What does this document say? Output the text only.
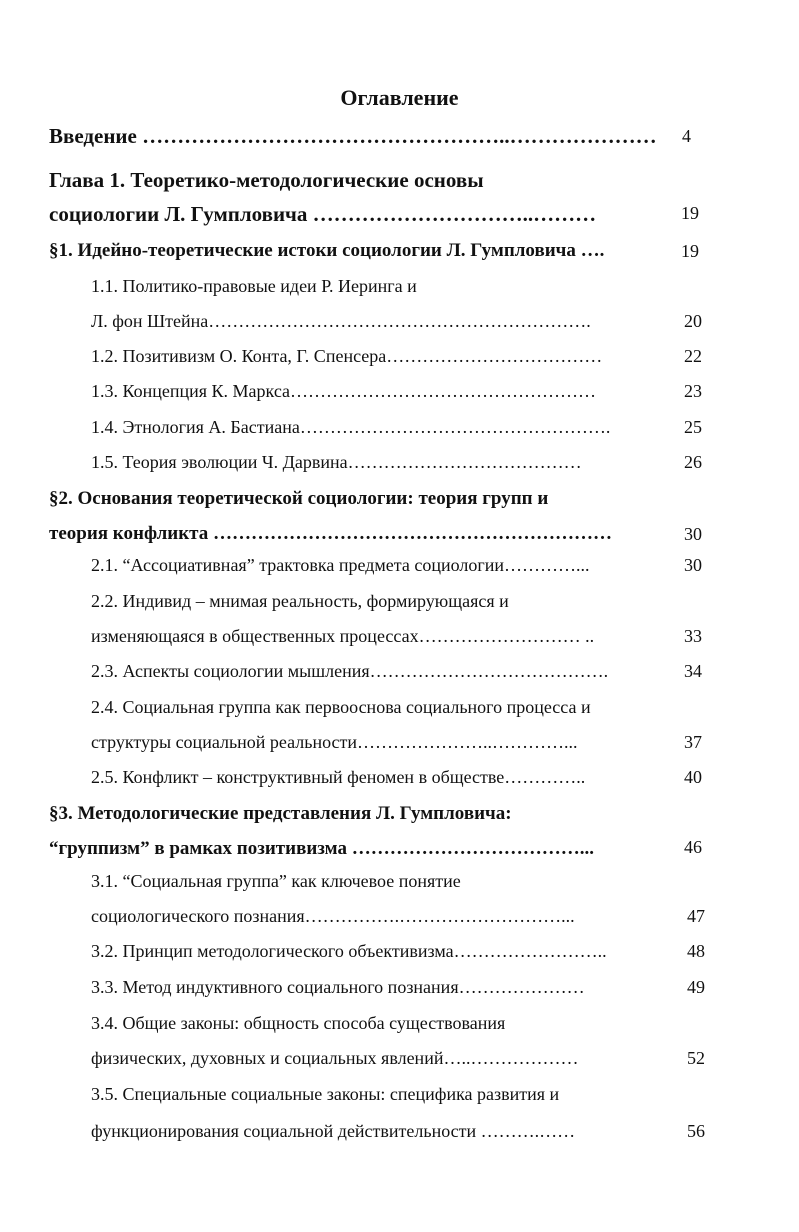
Оглавление
Введение ……………………………………………..…………………	4
Глава 1. Теоретико-методологические основы
социологии Л. Гумпловича …………………………..………	19
§1. Идейно-теоретические истоки социологии Л. Гумпловича ….	19
1.1. Политико-правовые идеи Р. Иеринга и
Л. фон Штейна……………………………………………………….	20
1.2. Позитивизм О. Конта, Г. Спенсера………………………………	22
1.3. Концепция К. Маркса……………………………………………	23
1.4. Этнология А. Бастиана…………………………………………….	25
1.5. Теория эволюции Ч. Дарвина…………………………………	26
§2. Основания теоретической социологии: теория групп и
теория конфликта ………………………………………………………	30
2.1. “Ассоциативная” трактовка предмета социологии…………...	30
2.2. Индивид – мнимая реальность, формирующаяся и
изменяющаяся в общественных процессах……………………… ..	33
2.3. Аспекты социологии мышления………………………………….	34
2.4. Социальная группа как первооснова социального процесса и
структуры социальной реальности…………………..…………...	37
2.5. Конфликт – конструктивный феномен в обществе…………..	40
§3. Методологические представления Л. Гумпловича:
“группизм” в рамках позитивизма ………………………………...	46
3.1. “Социальная группа” как ключевое понятие
социологического познания…………….………………………...	47
3.2. Принцип методологического объективизма……………………..	48
3.3. Метод индуктивного социального познания…………………	49
3.4. Общие законы: общность способа существования
физических, духовных и социальных явлений…..………………	52
3.5. Специальные социальные законы: специфика развития и
функционирования социальной действительности ……….……	56
